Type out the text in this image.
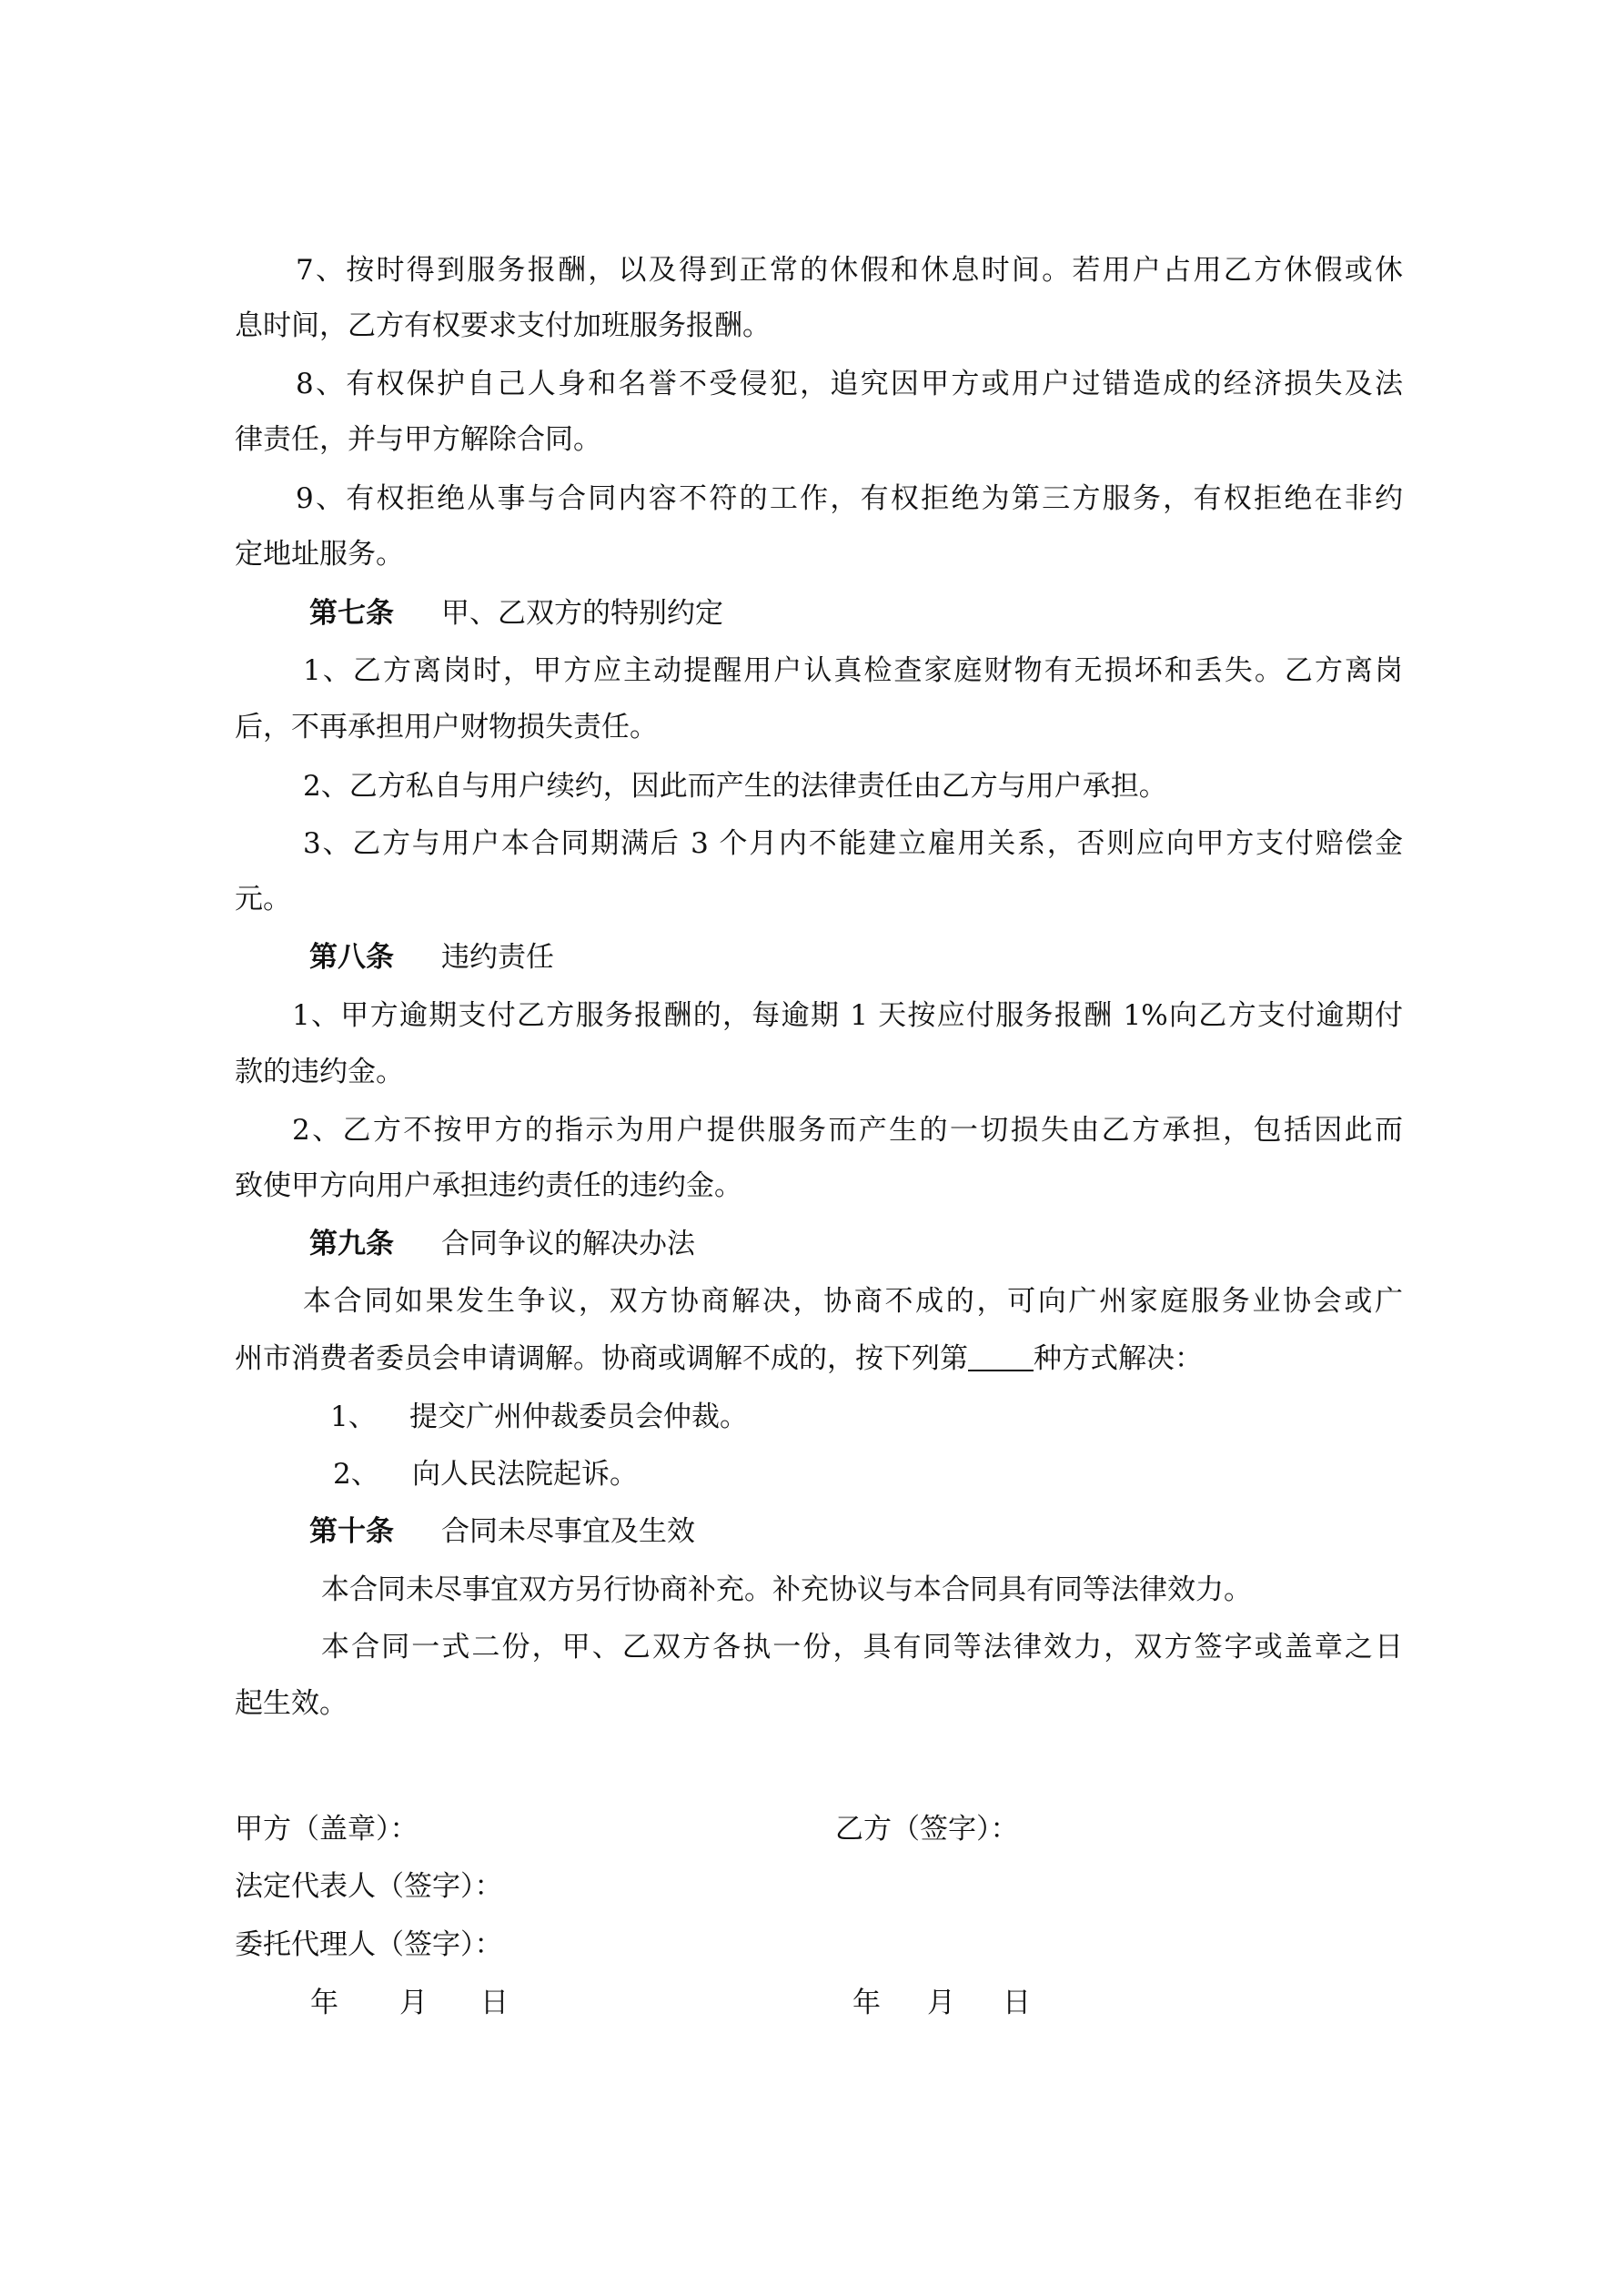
7、按时得到服务报酬，以及得到正常的休假和休息时间。若用户占用乙方休假或休
息时间，乙方有权要求支付加班服务报酬。
8、有权保护自己人身和名誉不受侵犯，追究因甲方或用户过错造成的经济损失及法
律责任，并与甲方解除合同。
9、有权拒绝从事与合同内容不符的工作，有权拒绝为第三方服务，有权拒绝在非约
定地址服务。
第七条 甲、乙双方的特别约定
1、乙方离岗时，甲方应主动提醒用户认真检查家庭财物有无损坏和丢失。乙方离岗
后，不再承担用户财物损失责任。
2、乙方私自与用户续约，因此而产生的法律责任由乙方与用户承担。
3、乙方与用户本合同期满后 3 个月内不能建立雇用关系，否则应向甲方支付赔偿金
元。
第八条 违约责任
1、甲方逾期支付乙方服务报酬的，每逾期 1 天按应付服务报酬 1%向乙方支付逾期付
款的违约金。
2、乙方不按甲方的指示为用户提供服务而产生的一切损失由乙方承担，包括因此而
致使甲方向用户承担违约责任的违约金。
第九条 合同争议的解决办法
本合同如果发生争议，双方协商解决，协商不成的，可向广州家庭服务业协会或广
州市消费者委员会申请调解。协商或调解不成的，按下列第 种方式解决：
1、 提交广州仲裁委员会仲裁。
2、 向人民法院起诉。
第十条 合同未尽事宜及生效
本合同未尽事宜双方另行协商补充。补充协议与本合同具有同等法律效力。
本合同一式二份，甲、乙双方各执一份，具有同等法律效力，双方签字或盖章之日
起生效。
甲方（盖章）：	乙方（签字）：
法定代表人（签字）：
委托代理人（签字）：
年 月 日	年 月 日
